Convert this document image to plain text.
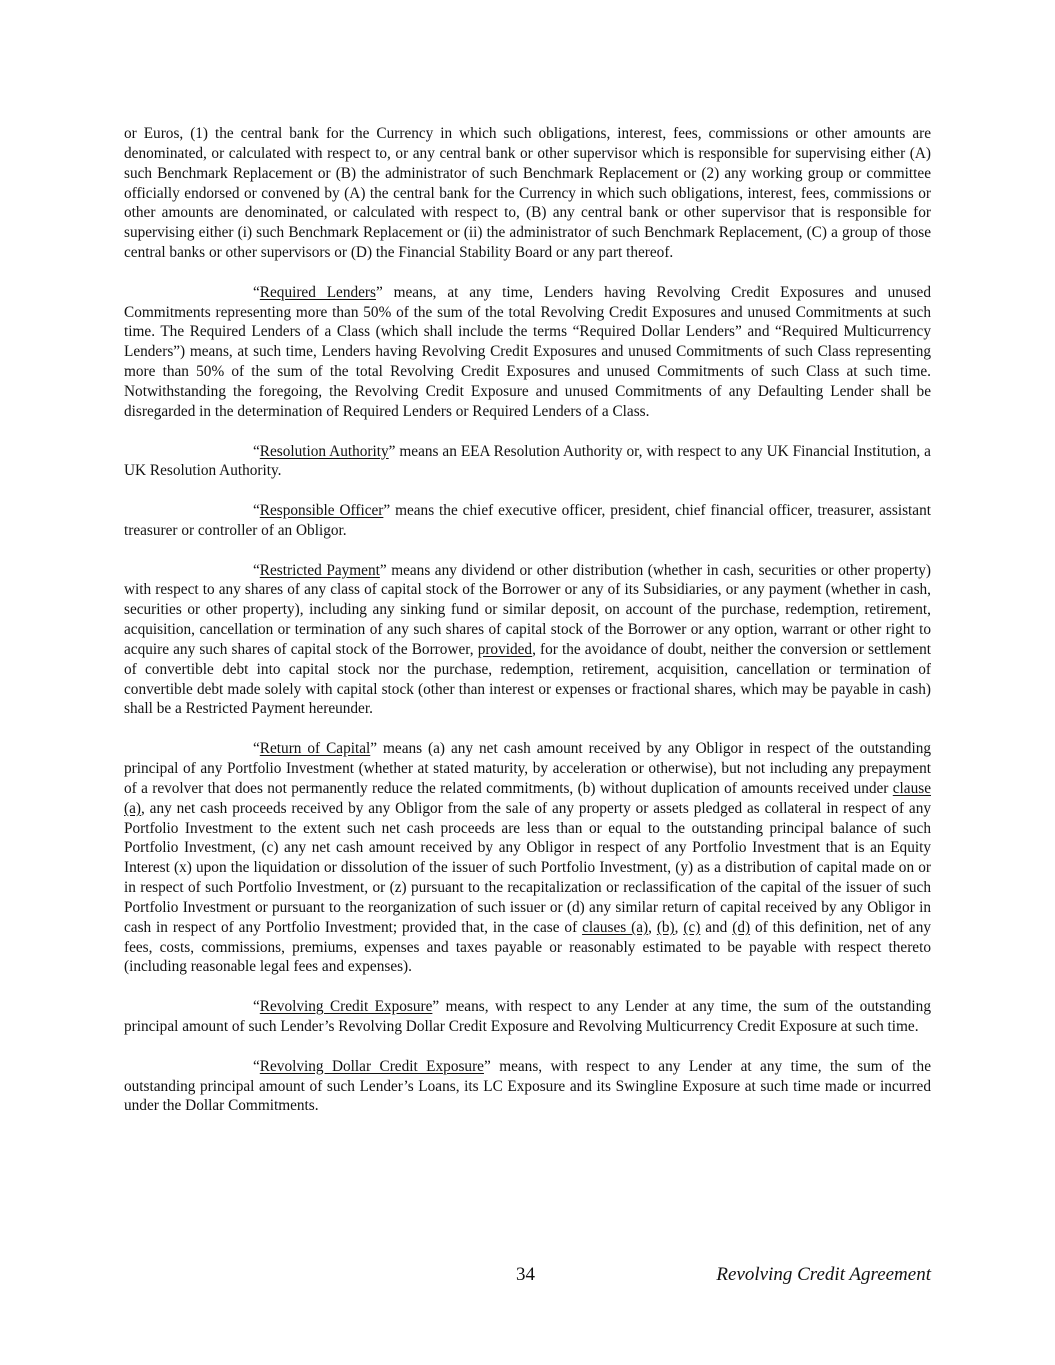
or Euros, (1) the central bank for the Currency in which such obligations, interest, fees, commissions or other amounts are denominated, or calculated with respect to, or any central bank or other supervisor which is responsible for supervising either (A) such Benchmark Replacement or (B) the administrator of such Benchmark Replacement or (2) any working group or committee officially endorsed or convened by (A) the central bank for the Currency in which such obligations, interest, fees, commissions or other amounts are denominated, or calculated with respect to, (B) any central bank or other supervisor that is responsible for supervising either (i) such Benchmark Replacement or (ii) the administrator of such Benchmark Replacement, (C) a group of those central banks or other supervisors or (D) the Financial Stability Board or any part thereof.

“Required Lenders” means, at any time, Lenders having Revolving Credit Exposures and unused Commitments representing more than 50% of the sum of the total Revolving Credit Exposures and unused Commitments at such time. The Required Lenders of a Class (which shall include the terms “Required Dollar Lenders” and “Required Multicurrency Lenders”) means, at such time, Lenders having Revolving Credit Exposures and unused Commitments of such Class representing more than 50% of the sum of the total Revolving Credit Exposures and unused Commitments of such Class at such time. Notwithstanding the foregoing, the Revolving Credit Exposure and unused Commitments of any Defaulting Lender shall be disregarded in the determination of Required Lenders or Required Lenders of a Class.

“Resolution Authority” means an EEA Resolution Authority or, with respect to any UK Financial Institution, a UK Resolution Authority.

“Responsible Officer” means the chief executive officer, president, chief financial officer, treasurer, assistant treasurer or controller of an Obligor.

“Restricted Payment” means any dividend or other distribution (whether in cash, securities or other property) with respect to any shares of any class of capital stock of the Borrower or any of its Subsidiaries, or any payment (whether in cash, securities or other property), including any sinking fund or similar deposit, on account of the purchase, redemption, retirement, acquisition, cancellation or termination of any such shares of capital stock of the Borrower or any option, warrant or other right to acquire any such shares of capital stock of the Borrower, provided, for the avoidance of doubt, neither the conversion or settlement of convertible debt into capital stock nor the purchase, redemption, retirement, acquisition, cancellation or termination of convertible debt made solely with capital stock (other than interest or expenses or fractional shares, which may be payable in cash) shall be a Restricted Payment hereunder.

“Return of Capital” means (a) any net cash amount received by any Obligor in respect of the outstanding principal of any Portfolio Investment (whether at stated maturity, by acceleration or otherwise), but not including any prepayment of a revolver that does not permanently reduce the related commitments, (b) without duplication of amounts received under clause (a), any net cash proceeds received by any Obligor from the sale of any property or assets pledged as collateral in respect of any Portfolio Investment to the extent such net cash proceeds are less than or equal to the outstanding principal balance of such Portfolio Investment, (c) any net cash amount received by any Obligor in respect of any Portfolio Investment that is an Equity Interest (x) upon the liquidation or dissolution of the issuer of such Portfolio Investment, (y) as a distribution of capital made on or in respect of such Portfolio Investment, or (z) pursuant to the recapitalization or reclassification of the capital of the issuer of such Portfolio Investment or pursuant to the reorganization of such issuer or (d) any similar return of capital received by any Obligor in cash in respect of any Portfolio Investment; provided that, in the case of clauses (a), (b), (c) and (d) of this definition, net of any fees, costs, commissions, premiums, expenses and taxes payable or reasonably estimated to be payable with respect thereto (including reasonable legal fees and expenses).

“Revolving Credit Exposure” means, with respect to any Lender at any time, the sum of the outstanding principal amount of such Lender’s Revolving Dollar Credit Exposure and Revolving Multicurrency Credit Exposure at such time.

“Revolving Dollar Credit Exposure” means, with respect to any Lender at any time, the sum of the outstanding principal amount of such Lender’s Loans, its LC Exposure and its Swingline Exposure at such time made or incurred under the Dollar Commitments.

34	Revolving Credit Agreement
